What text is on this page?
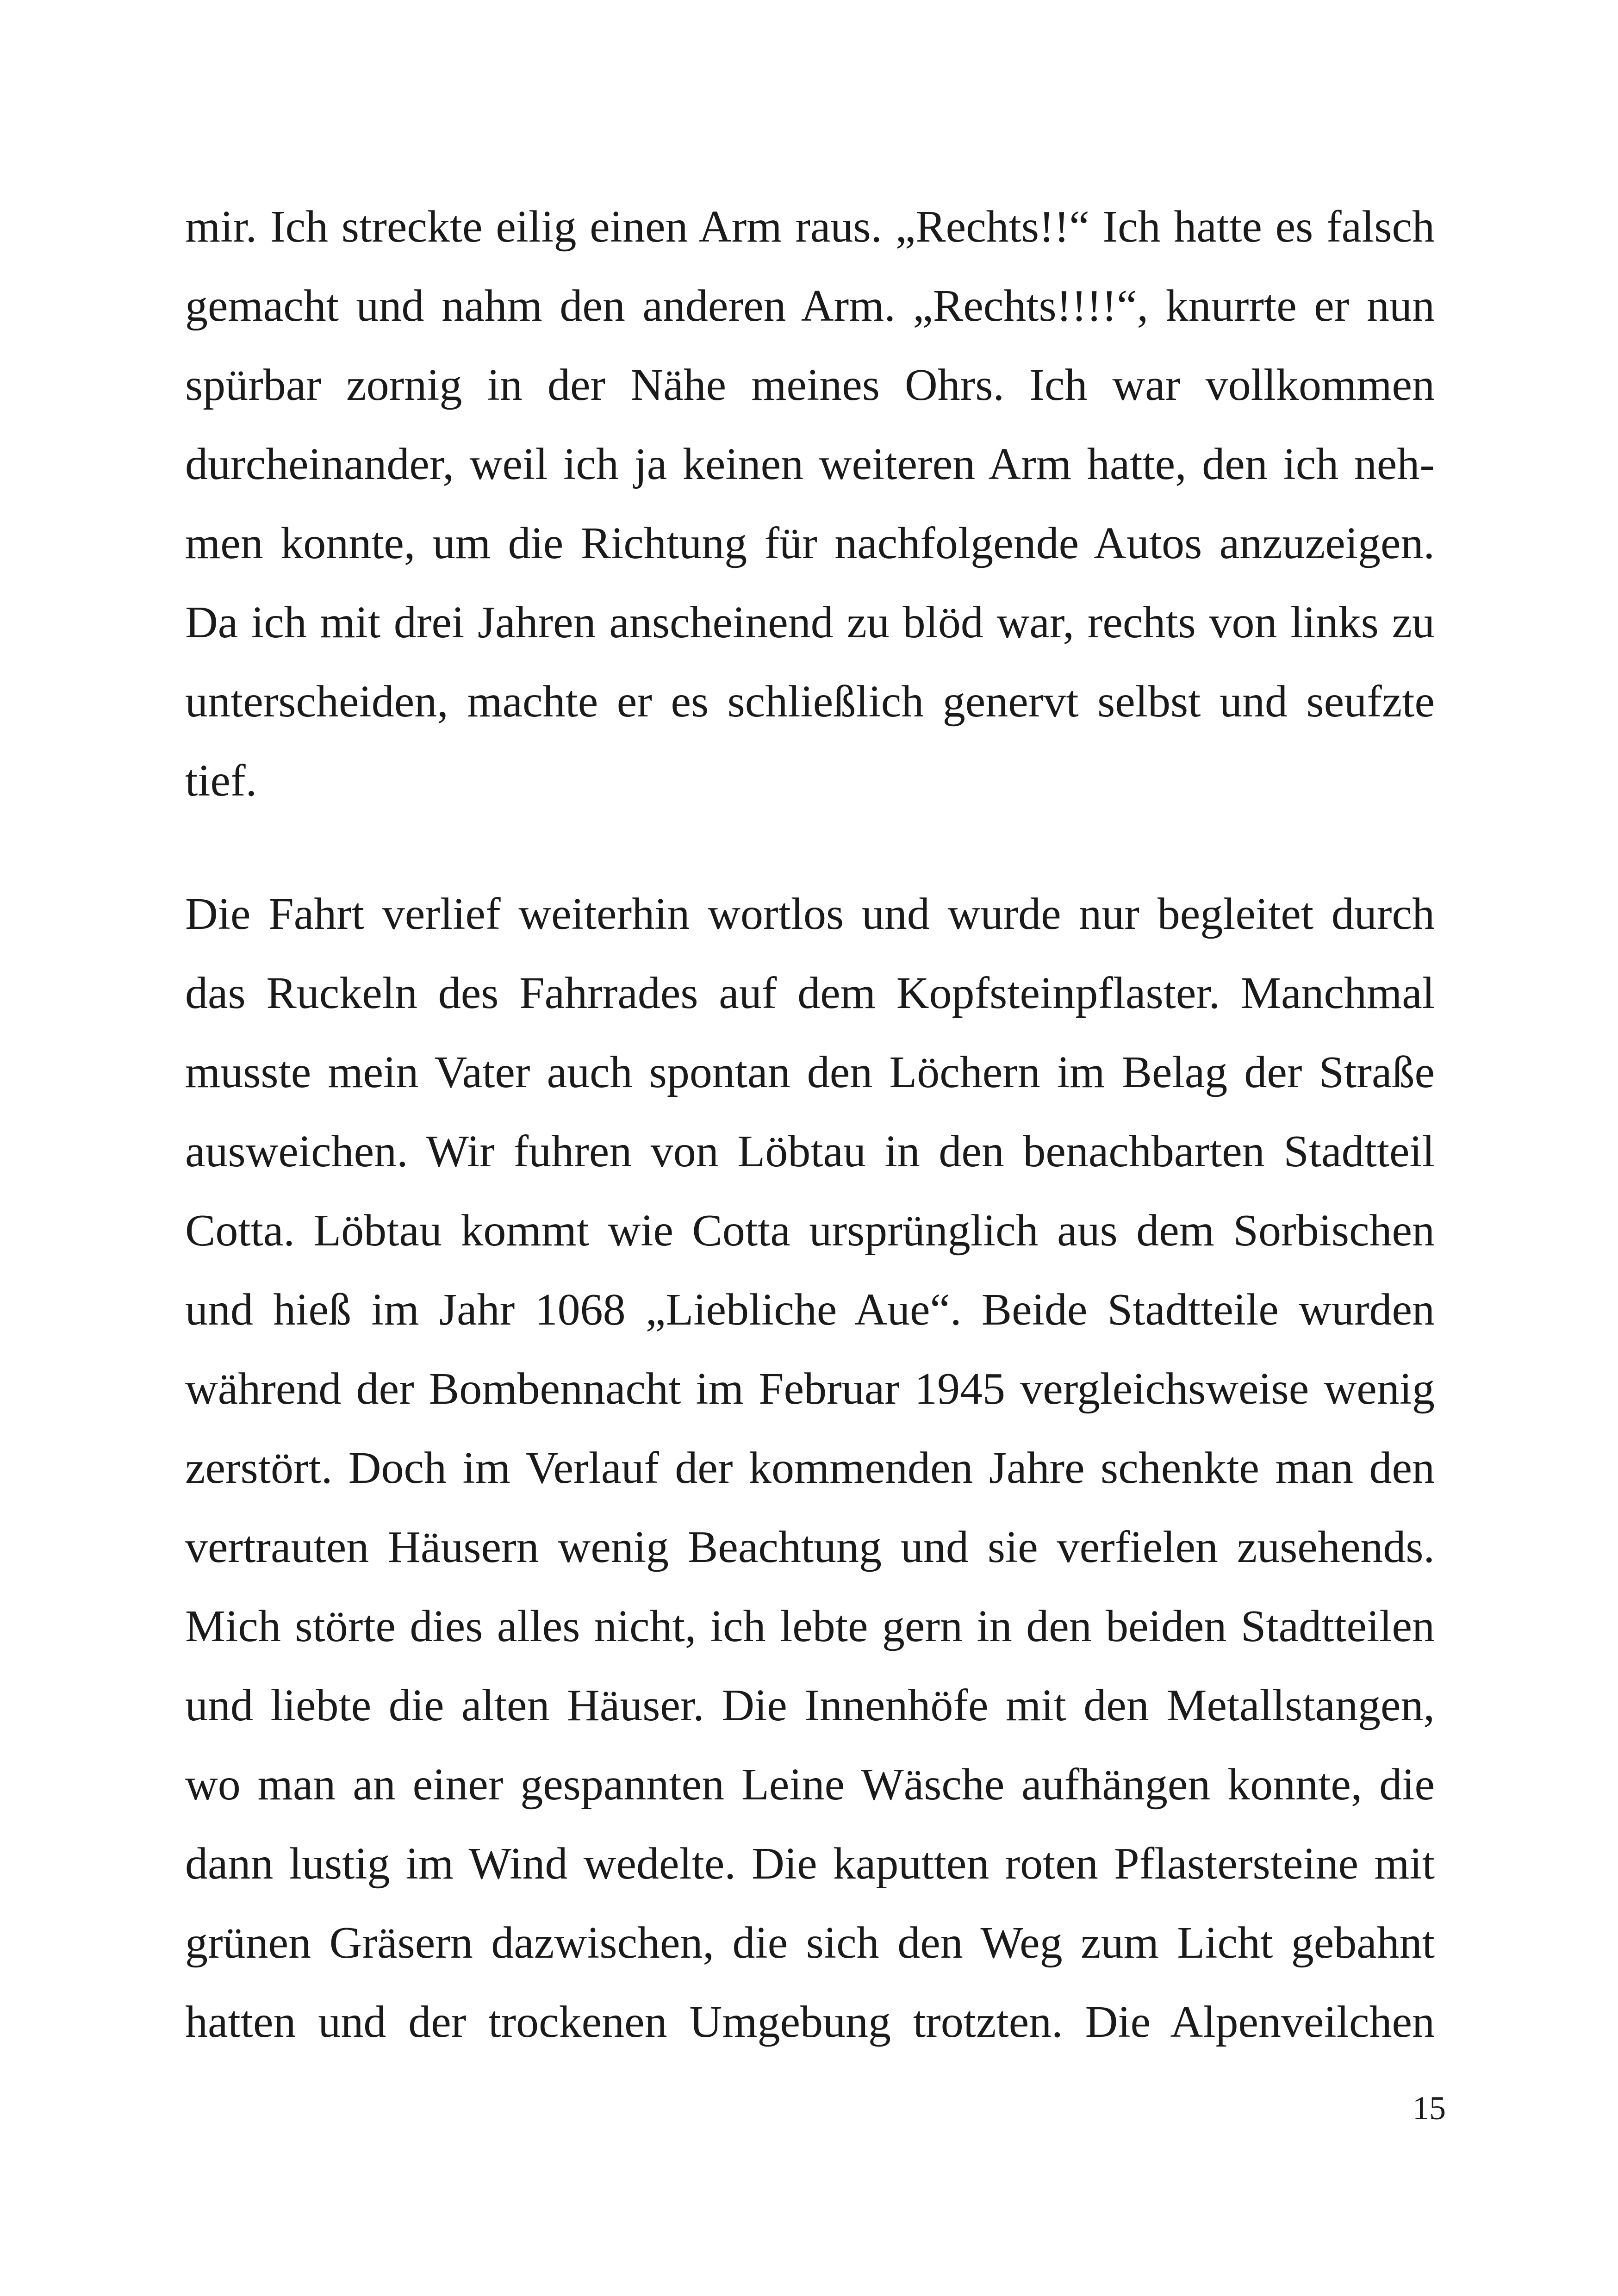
mir. Ich streckte eilig einen Arm raus. „Rechts!!“ Ich hatte es falsch
gemacht und nahm den anderen Arm. „Rechts!!!!“, knurrte er nun
spürbar zornig in der Nähe meines Ohrs. Ich war vollkommen
durcheinander, weil ich ja keinen weiteren Arm hatte, den ich neh-
men konnte, um die Richtung für nachfolgende Autos anzuzeigen.
Da ich mit drei Jahren anscheinend zu blöd war, rechts von links zu
unterscheiden, machte er es schließlich genervt selbst und seufzte
tief.
Die Fahrt verlief weiterhin wortlos und wurde nur begleitet durch
das Ruckeln des Fahrrades auf dem Kopfsteinpflaster. Manchmal
musste mein Vater auch spontan den Löchern im Belag der Straße
ausweichen. Wir fuhren von Löbtau in den benachbarten Stadtteil
Cotta. Löbtau kommt wie Cotta ursprünglich aus dem Sorbischen
und hieß im Jahr 1068 „Liebliche Aue“. Beide Stadtteile wurden
während der Bombennacht im Februar 1945 vergleichsweise wenig
zerstört. Doch im Verlauf der kommenden Jahre schenkte man den
vertrauten Häusern wenig Beachtung und sie verfielen zusehends.
Mich störte dies alles nicht, ich lebte gern in den beiden Stadtteilen
und liebte die alten Häuser. Die Innenhöfe mit den Metallstangen,
wo man an einer gespannten Leine Wäsche aufhängen konnte, die
dann lustig im Wind wedelte. Die kaputten roten Pflastersteine mit
grünen Gräsern dazwischen, die sich den Weg zum Licht gebahnt
hatten und der trockenen Umgebung trotzten. Die Alpenveilchen
15
